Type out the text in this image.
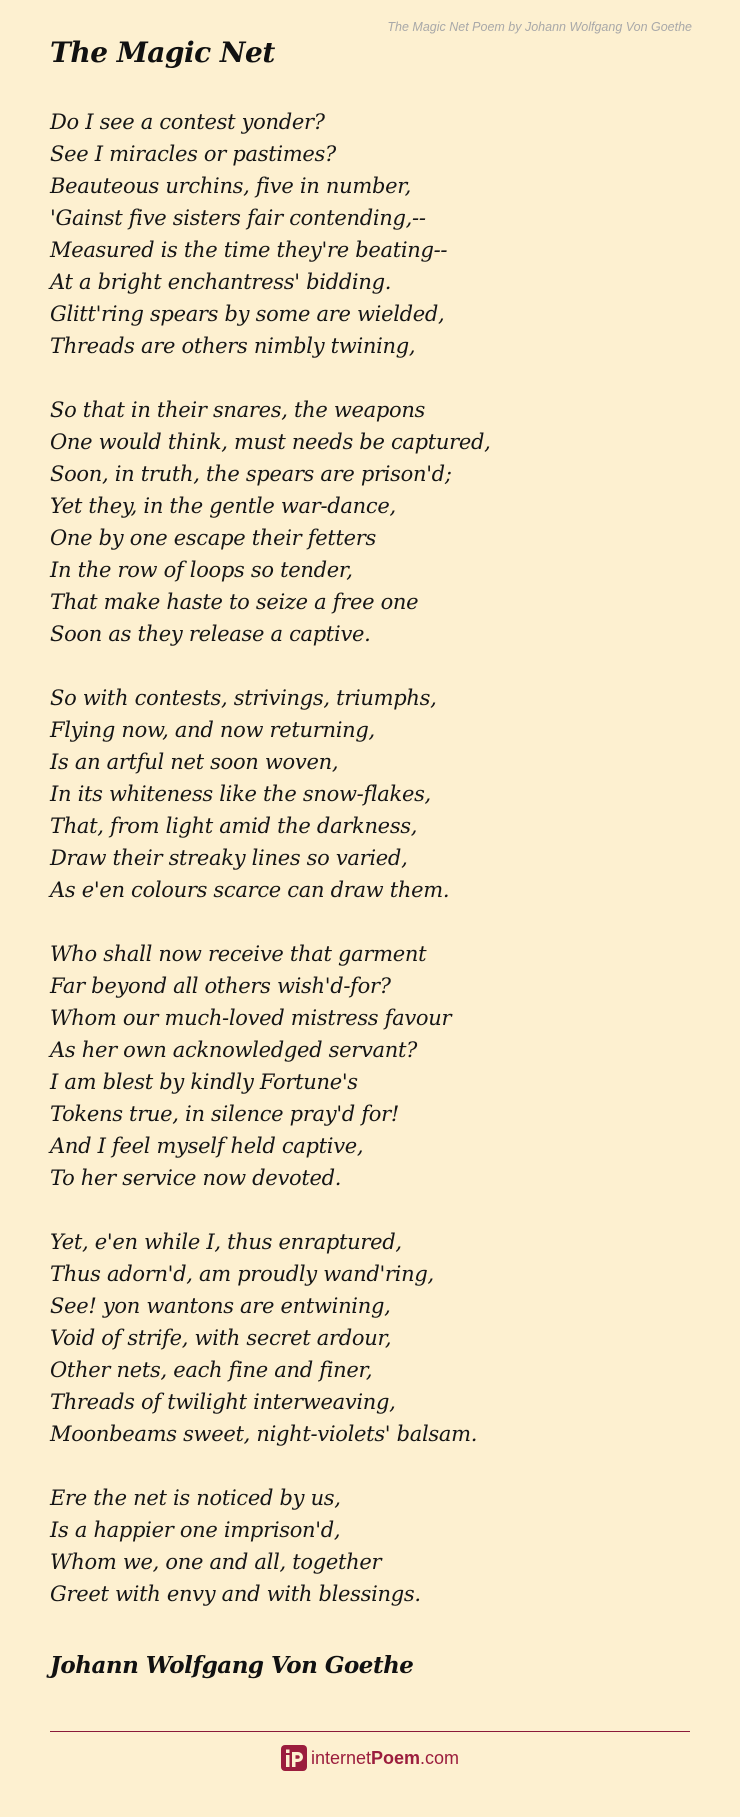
The Magic Net Poem by Johann Wolfgang Von Goethe
The Magic Net
Do I see a contest yonder?
See I miracles or pastimes?
Beauteous urchins, five in number,
'Gainst five sisters fair contending,--
Measured is the time they're beating--
At a bright enchantress' bidding.
Glitt'ring spears by some are wielded,
Threads are others nimbly twining,
So that in their snares, the weapons
One would think, must needs be captured,
Soon, in truth, the spears are prison'd;
Yet they, in the gentle war-dance,
One by one escape their fetters
In the row of loops so tender,
That make haste to seize a free one
Soon as they release a captive.
So with contests, strivings, triumphs,
Flying now, and now returning,
Is an artful net soon woven,
In its whiteness like the snow-flakes,
That, from light amid the darkness,
Draw their streaky lines so varied,
As e'en colours scarce can draw them.
Who shall now receive that garment
Far beyond all others wish'd-for?
Whom our much-loved mistress favour
As her own acknowledged servant?
I am blest by kindly Fortune's
Tokens true, in silence pray'd for!
And I feel myself held captive,
To her service now devoted.
Yet, e'en while I, thus enraptured,
Thus adorn'd, am proudly wand'ring,
See! yon wantons are entwining,
Void of strife, with secret ardour,
Other nets, each fine and finer,
Threads of twilight interweaving,
Moonbeams sweet, night-violets' balsam.
Ere the net is noticed by us,
Is a happier one imprison'd,
Whom we, one and all, together
Greet with envy and with blessings.
Johann Wolfgang Von Goethe
internetPoem.com
